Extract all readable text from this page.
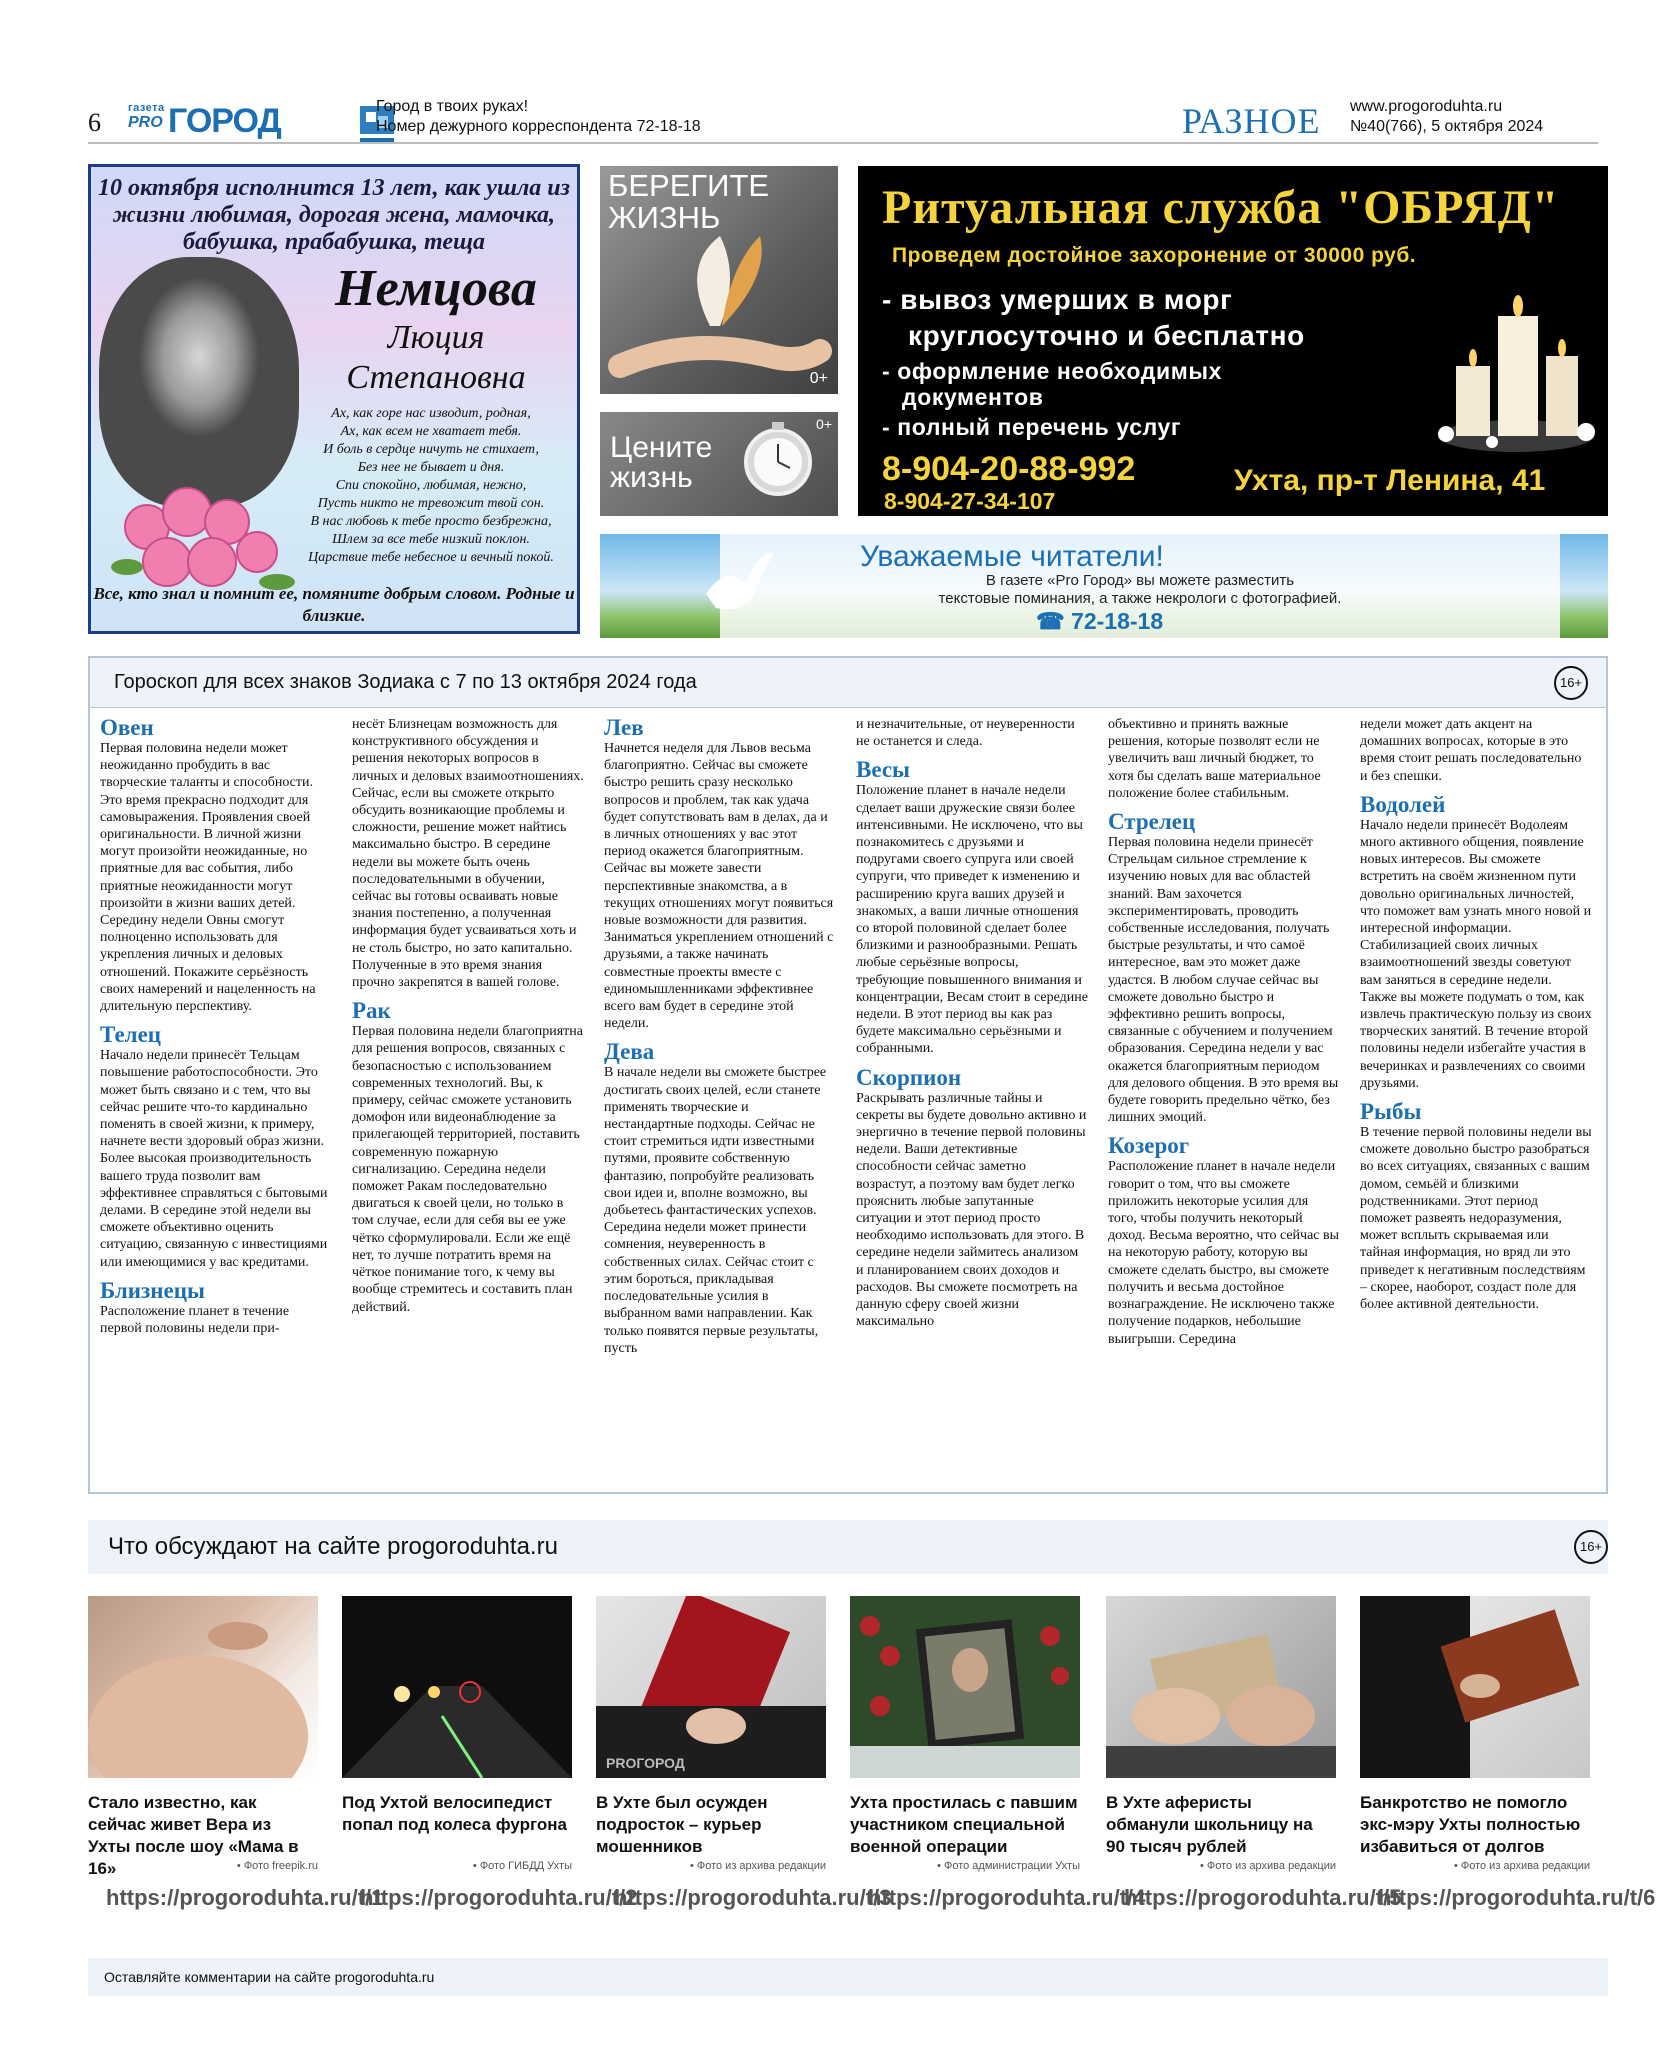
6 газета
PRO ГОРОД	Город в твоих руках!
Номер дежурного корреспондента 72-18-18	РАЗНОЕ www.progoroduhta.ru
№40(766), 5 октября 2024
10 октября исполнится 13 лет, как ушла из жизни любимая, дорогая жена, мамочка, бабушка, прабабушка, теща
Немцова
Люция
Степановна
Ах, как горе нас изводит, родная,
Ах, как всем не хватает тебя.
И боль в сердце ничуть не стихает,
Без нее не бывает и дня.
Спи спокойно, любимая, нежно,
Пусть никто не тревожит твой сон.
В нас любовь к тебе просто безбрежна,
Шлем за все тебе низкий поклон.
Царствие тебе небесное и вечный покой.
Все, кто знал и помнит ее, помяните добрым словом. Родные и близкие.
БЕРЕГИТЕ
ЖИЗНЬ
0+
Цените
жизнь
0+
Ритуальная служба "ОБРЯД"
Проведем достойное захоронение от 30000 руб.
- вывоз умерших в морг
круглосуточно и бесплатно
- оформление необходимых
документов
- полный перечень услуг
8-904-20-88-992
8-904-27-34-107
Ухта, пр-т Ленина, 41
Уважаемые читатели!
В газете «Pro Город» вы можете разместить
текстовые поминания, а также некрологи с фотографией.
☎ 72-18-18
Гороскоп для всех знаков Зодиака с 7 по 13 октября 2024 года	16+
Овен

Первая половина недели может неожиданно пробудить в вас творческие таланты и способности. Это время прекрасно подходит для самовыражения. Проявления своей оригинальности. В личной жизни могут произойти неожиданные, но приятные для вас события, либо приятные неожиданности могут произойти в жизни ваших детей. Середину недели Овны смогут полноценно использовать для укрепления личных и деловых отношений. Покажите серьёзность своих намерений и нацеленность на длительную перспективу.

Телец

Начало недели принесёт Тельцам повышение работоспособности. Это может быть связано и с тем, что вы сейчас решите что-то кардинально поменять в своей жизни, к примеру, начнете вести здоровый образ жизни. Более высокая производительность вашего труда позволит вам эффективнее справляться с бытовыми делами. В середине этой недели вы сможете объективно оценить ситуацию, связанную с инвестициями или имеющимися у вас кредитами.

Близнецы

Расположение планет в течение первой половины недели при-

несёт Близнецам возможность для конструктивного обсуждения и решения некоторых вопросов в личных и деловых взаимоотношениях. Сейчас, если вы сможете открыто обсудить возникающие проблемы и сложности, решение может найтись максимально быстро. В середине недели вы можете быть очень последовательными в обучении, сейчас вы готовы осваивать новые знания постепенно, а полученная информация будет усваиваться хоть и не столь быстро, но зато капитально. Полученные в это время знания прочно закрепятся в вашей голове.

Рак

Первая половина недели благоприятна для решения вопросов, связанных с безопасностью с использованием современных технологий. Вы, к примеру, сейчас сможете установить домофон или видеонаблюдение за прилегающей территорией, поставить современную пожарную сигнализацию. Середина недели поможет Ракам последовательно двигаться к своей цели, но только в том случае, если для себя вы ее уже чётко сформулировали. Если же ещё нет, то лучше потратить время на чёткое понимание того, к чему вы вообще стремитесь и составить план действий.

Лев

Начнется неделя для Львов весьма благоприятно. Сейчас вы сможете быстро решить сразу несколько вопросов и проблем, так как удача будет сопутствовать вам в делах, да и в личных отношениях у вас этот период окажется благоприятным. Сейчас вы можете завести перспективные знакомства, а в текущих отношениях могут появиться новые возможности для развития. Заниматься укреплением отношений с друзьями, а также начинать совместные проекты вместе с единомышленниками эффективнее всего вам будет в середине этой недели.

Дева

В начале недели вы сможете быстрее достигать своих целей, если станете применять творческие и нестандартные подходы. Сейчас не стоит стремиться идти известными путями, проявите собственную фантазию, попробуйте реализовать свои идеи и, вполне возможно, вы добьетесь фантастических успехов. Середина недели может принести сомнения, неуверенность в собственных силах. Сейчас стоит с этим бороться, прикладывая последовательные усилия в выбранном вами направлении. Как только появятся первые результаты, пусть

и незначительные, от неуверенности не останется и следа.

Весы

Положение планет в начале недели сделает ваши дружеские связи более интенсивными. Не исключено, что вы познакомитесь с друзьями и подругами своего супруга или своей супруги, что приведет к изменению и расширению круга ваших друзей и знакомых, а ваши личные отношения со второй половиной сделает более близкими и разнообразными. Решать любые серьёзные вопросы, требующие повышенного внимания и концентрации, Весам стоит в середине недели. В этот период вы как раз будете максимально серьёзными и собранными.

Скорпион

Раскрывать различные тайны и секреты вы будете довольно активно и энергично в течение первой половины недели. Ваши детективные способности сейчас заметно возрастут, а поэтому вам будет легко прояснить любые запутанные ситуации и этот период просто необходимо использовать для этого. В середине недели займитесь анализом и планированием своих доходов и расходов. Вы сможете посмотреть на данную сферу своей жизни максимально

объективно и принять важные решения, которые позволят если не увеличить ваш личный бюджет, то хотя бы сделать ваше материальное положение более стабильным.

Стрелец

Первая половина недели принесёт Стрельцам сильное стремление к изучению новых для вас областей знаний. Вам захочется экспериментировать, проводить собственные исследования, получать быстрые результаты, и что самоё интересное, вам это может даже удастся. В любом случае сейчас вы сможете довольно быстро и эффективно решить вопросы, связанные с обучением и получением образования. Середина недели у вас окажется благоприятным периодом для делового общения. В это время вы будете говорить предельно чётко, без лишних эмоций.

Козерог

Расположение планет в начале недели говорит о том, что вы сможете приложить некоторые усилия для того, чтобы получить некоторый доход. Весьма вероятно, что сейчас вы на некоторую работу, которую вы сможете сделать быстро, вы сможете получить и весьма достойное вознаграждение. Не исключено также получение подарков, небольшие выигрыши. Середина

недели может дать акцент на домашних вопросах, которые в это время стоит решать последовательно и без спешки.

Водолей

Начало недели принесёт Водолеям много активного общения, появление новых интересов. Вы сможете встретить на своём жизненном пути довольно оригинальных личностей, что поможет вам узнать много новой и интересной информации. Стабилизацией своих личных взаимоотношений звезды советуют вам заняться в середине недели. Также вы можете подумать о том, как извлечь практическую пользу из своих творческих занятий. В течение второй половины недели избегайте участия в вечеринках и развлечениях со своими друзьями.

Рыбы

В течение первой половины недели вы сможете довольно быстро разобраться во всех ситуациях, связанных с вашим домом, семьёй и близкими родственниками. Этот период поможет развеять недоразумения, может всплыть скрываемая или тайная информация, но вряд ли это приведет к негативным последствиям – скорее, наоборот, создаст поле для более активной деятельности.

Что обсуждают на сайте progoroduhta.ru	16+
Стало известно, как сейчас живет Вера из Ухты после шоу «Мама в 16»	• Фото freepik.ru
https://progoroduhta.ru/t/1
Под Ухтой велосипедист попал под колеса фургона
• Фото ГИБДД Ухты
https://progoroduhta.ru/t/2
PROГОРОД
В Ухте был осужден подросток – курьер мошенников
• Фото из архива редакции
https://progoroduhta.ru/t/3
Ухта простилась с павшим участником специальной военной операции
• Фото администрации Ухты
https://progoroduhta.ru/t/4
В Ухте аферисты обманули школьницу на 90 тысяч рублей
• Фото из архива редакции
https://progoroduhta.ru/t/5
Банкротство не помогло экс-мэру Ухты полностью избавиться от долгов
• Фото из архива редакции
https://progoroduhta.ru/t/6
Оставляйте комментарии на сайте progoroduhta.ru
